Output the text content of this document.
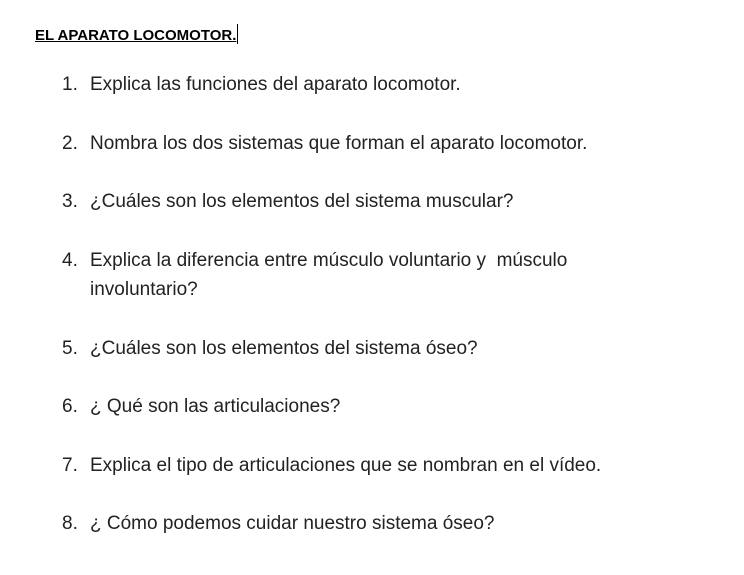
EL APARATO LOCOMOTOR.
1. Explica las funciones del aparato locomotor.
2. Nombra los dos sistemas que forman el aparato locomotor.
3. ¿Cuáles son los elementos del sistema muscular?
4. Explica la diferencia entre músculo voluntario y  músculo involuntario?
5. ¿Cuáles son los elementos del sistema óseo?
6. ¿ Qué son las articulaciones?
7. Explica el tipo de articulaciones que se nombran en el vídeo.
8. ¿ Cómo podemos cuidar nuestro sistema óseo?
